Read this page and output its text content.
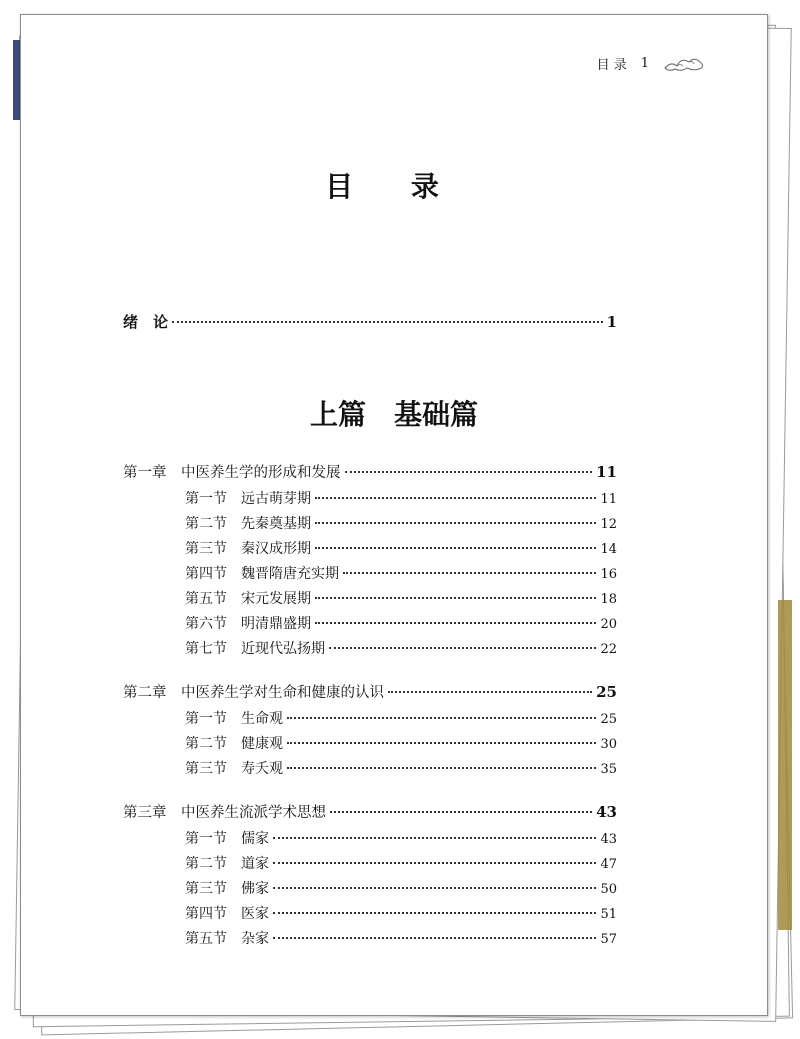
目 录 1
目 录
绪　论	1
上篇　基础篇
第一章　中医养生学的形成和发展	11
第一节　远古萌芽期	11
第二节　先秦奠基期	12
第三节　秦汉成形期	14
第四节　魏晋隋唐充实期	16
第五节　宋元发展期	18
第六节　明清鼎盛期	20
第七节　近现代弘扬期	22
第二章　中医养生学对生命和健康的认识	25
第一节　生命观	25
第二节　健康观	30
第三节　寿夭观	35
第三章　中医养生流派学术思想	43
第一节　儒家	43
第二节　道家	47
第三节　佛家	50
第四节　医家	51
第五节　杂家	57
